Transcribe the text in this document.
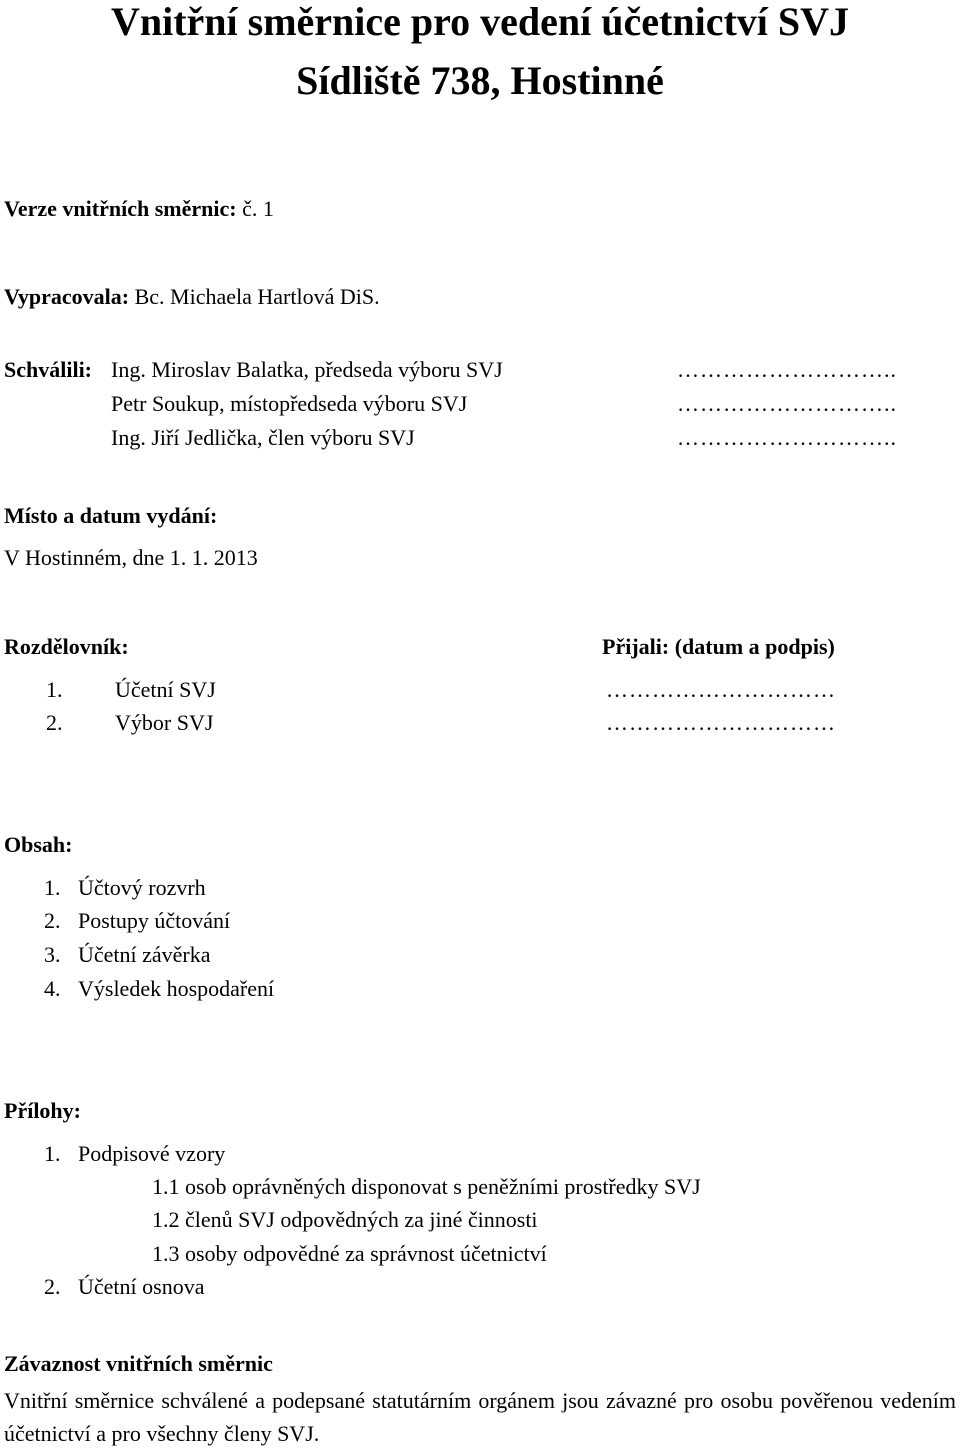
Vnitřní směrnice pro vedení účetnictví SVJ
Sídliště 738, Hostinné
Verze vnitřních směrnic: č. 1
Vypracovala: Bc. Michaela Hartlová DiS.
Schválili: Ing. Miroslav Balatka, předseda výboru SVJ	………………………..
Petr Soukup, místopředseda výboru SVJ	………………………..
Ing. Jiří Jedlička, člen výboru SVJ	………………………..
Místo a datum vydání:
V Hostinném, dne 1. 1. 2013
Rozdělovník:	Přijali: (datum a podpis)
1. Účetní SVJ	…………………………
2. Výbor SVJ	…………………………
Obsah:
1. Účtový rozvrh
2. Postupy účtování
3. Účetní závěrka
4. Výsledek hospodaření
Přílohy:
1. Podpisové vzory
1.1 osob oprávněných disponovat s peněžními prostředky SVJ
1.2 členů SVJ odpovědných za jiné činnosti
1.3 osoby odpovědné za správnost účetnictví
2. Účetní osnova
Závaznost vnitřních směrnic
Vnitřní směrnice schválené a podepsané statutárním orgánem jsou závazné pro osobu pověřenou vedením účetnictví a pro všechny členy SVJ.
